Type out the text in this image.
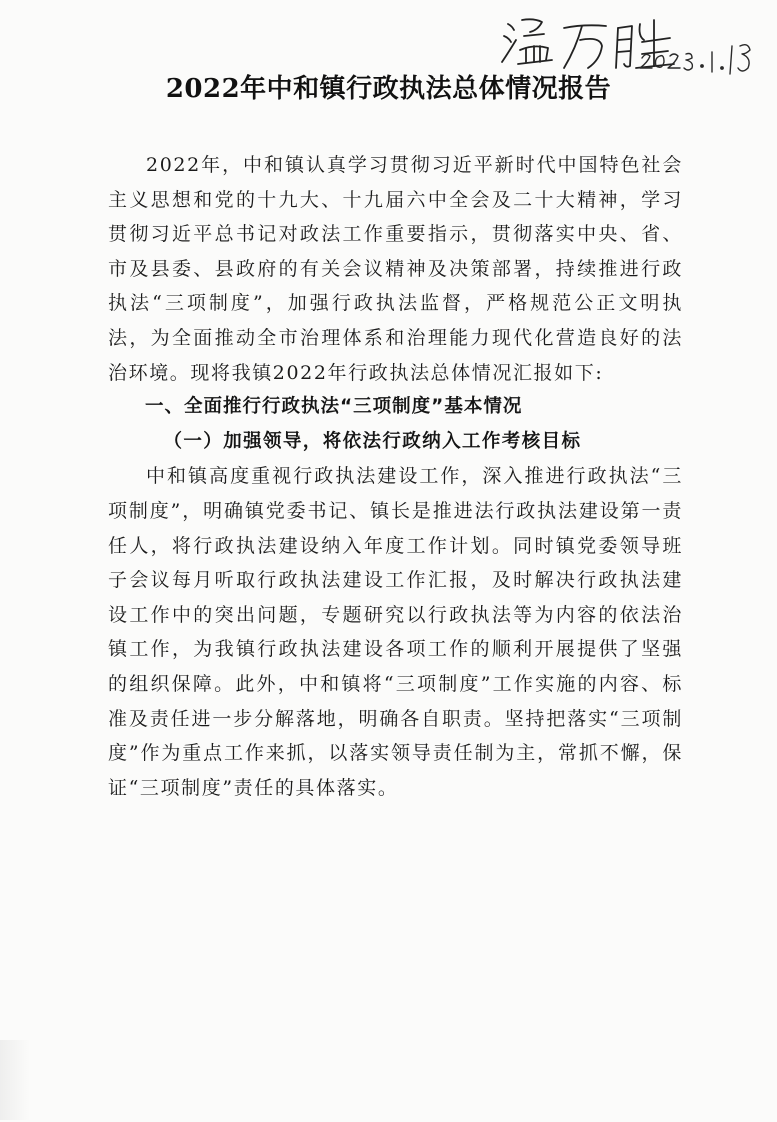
2022年中和镇行政执法总体情况报告

2022年，中和镇认真学习贯彻习近平新时代中国特色社会主义思想和党的十九大、十九届六中全会及二十大精神，学习贯彻习近平总书记对政法工作重要指示，贯彻落实中央、省、市及县委、县政府的有关会议精神及决策部署，持续推进行政执法“三项制度”，加强行政执法监督，严格规范公正文明执法，为全面推动全市治理体系和治理能力现代化营造良好的法治环境。现将我镇2022年行政执法总体情况汇报如下:

一、全面推行行政执法“三项制度”基本情况

（一）加强领导，将依法行政纳入工作考核目标

中和镇高度重视行政执法建设工作，深入推进行政执法“三项制度”，明确镇党委书记、镇长是推进法行政执法建设第一责任人，将行政执法建设纳入年度工作计划。同时镇党委领导班子会议每月听取行政执法建设工作汇报，及时解决行政执法建设工作中的突出问题，专题研究以行政执法等为内容的依法治镇工作，为我镇行政执法建设各项工作的顺利开展提供了坚强的组织保障。此外，中和镇将“三项制度”工作实施的内容、标准及责任进一步分解落地，明确各自职责。坚持把落实“三项制度”作为重点工作来抓，以落实领导责任制为主，常抓不懈，保证“三项制度”责任的具体落实。
